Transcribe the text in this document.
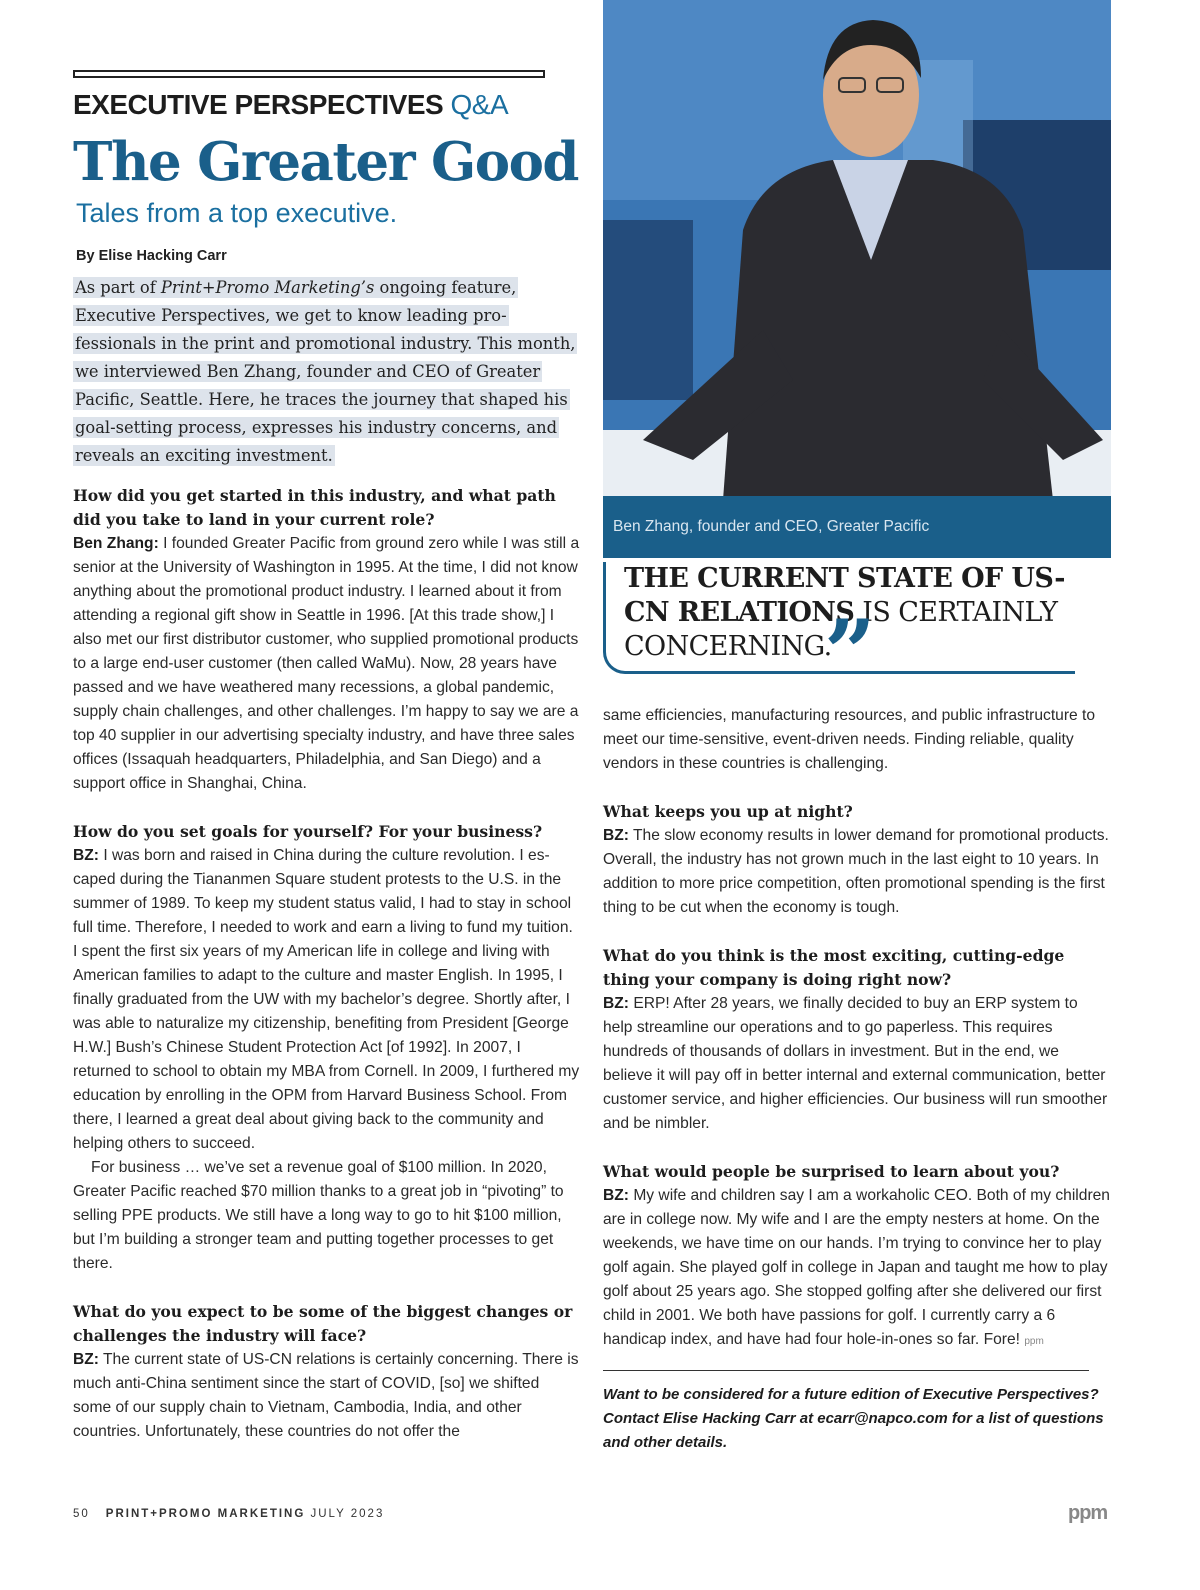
EXECUTIVE PERSPECTIVES Q&A
The Greater Good
Tales from a top executive.
By Elise Hacking Carr

As part of Print+Promo Marketing’s ongoing feature, Executive Perspectives, we get to know leading professionals in the print and promotional industry. This month, we interviewed Ben Zhang, founder and CEO of Greater Pacific, Seattle. Here, he traces the journey that shaped his goal-setting process, expresses his industry concerns, and reveals an exciting investment.

How did you get started in this industry, and what path did you take to land in your current role?

Ben Zhang: I founded Greater Pacific from ground zero while I was still a senior at the University of Washington in 1995. At the time, I did not know anything about the promotional product industry. I learned about it from attending a regional gift show in Seattle in 1996. [At this trade show,] I also met our first distributor customer, who supplied promotional products to a large end-user customer (then called WaMu). Now, 28 years have passed and we have weathered many recessions, a global pandemic, supply chain challenges, and other challenges. I’m happy to say we are a top 40 supplier in our advertising specialty industry, and have three sales offices (Issaquah headquarters, Philadelphia, and San Diego) and a support office in Shanghai, China.

How do you set goals for yourself? For your business?

BZ: I was born and raised in China during the culture revolution. I escaped during the Tiananmen Square student protests to the U.S. in the summer of 1989. To keep my student status valid, I had to stay in school full time. Therefore, I needed to work and earn a living to fund my tuition. I spent the first six years of my American life in college and living with American families to adapt to the culture and master English. In 1995, I finally graduated from the UW with my bachelor’s degree. Shortly after, I was able to naturalize my citizenship, benefiting from President [George H.W.] Bush’s Chinese Student Protection Act [of 1992]. In 2007, I returned to school to obtain my MBA from Cornell. In 2009, I furthered my education by enrolling in the OPM from Harvard Business School. From there, I learned a great deal about giving back to the community and helping others to succeed.

For business … we’ve set a revenue goal of $100 million. In 2020, Greater Pacific reached $70 million thanks to a great job in “pivoting” to selling PPE products. We still have a long way to go to hit $100 million, but I’m building a stronger team and putting together processes to get there.

What do you expect to be some of the biggest changes or challenges the industry will face?

BZ: The current state of US-CN relations is certainly concerning. There is much anti-China sentiment since the start of COVID, [so] we shifted some of our supply chain to Vietnam, Cambodia, India, and other countries. Unfortunately, these countries do not offer the

Ben Zhang, founder and CEO, Greater Pacific
THE CURRENT STATE OF US-CN RELATIONS IS CERTAINLY CONCERNING.
”

same efficiencies, manufacturing resources, and public infrastructure to meet our time-sensitive, event-driven needs. Finding reliable, quality vendors in these countries is challenging.

What keeps you up at night?

BZ: The slow economy results in lower demand for promotional products. Overall, the industry has not grown much in the last eight to 10 years. In addition to more price competition, often promotional spending is the first thing to be cut when the economy is tough.

What do you think is the most exciting, cutting-edge thing your company is doing right now?

BZ: ERP! After 28 years, we finally decided to buy an ERP system to help streamline our operations and to go paperless. This requires hundreds of thousands of dollars in investment. But in the end, we believe it will pay off in better internal and external communication, better customer service, and higher efficiencies. Our business will run smoother and be nimbler.

What would people be surprised to learn about you?

BZ: My wife and children say I am a workaholic CEO. Both of my children are in college now. My wife and I are the empty nesters at home. On the weekends, we have time on our hands. I’m trying to convince her to play golf again. She played golf in college in Japan and taught me how to play golf about 25 years ago. She stopped golfing after she delivered our first child in 2001. We both have passions for golf. I currently carry a 6 handicap index, and have had four hole-in-ones so far. Fore! ppm

Want to be considered for a future edition of Executive Perspectives? Contact Elise Hacking Carr at ecarr@napco.com for a list of questions and other details.
50 PRINT+PROMO MARKETING JULY 2023	ppm
